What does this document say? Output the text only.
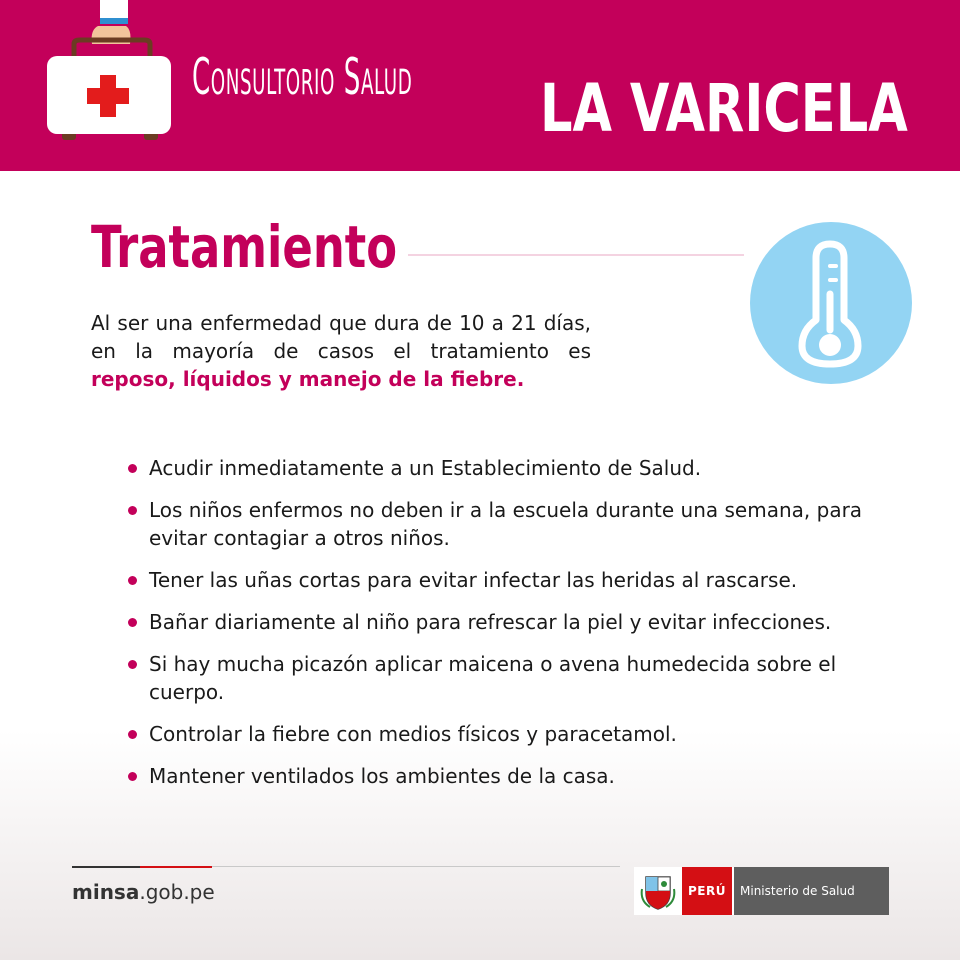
Consultorio Salud LA VARICELA
Tratamiento

Al ser una enfermedad que dura de 10 a 21 días, en la mayoría de casos el tratamiento es reposo, líquidos y manejo de la fiebre.

Acudir inmediatamente a un Establecimiento de Salud.
Los niños enfermos no deben ir a la escuela durante una semana, para evitar contagiar a otros niños.
Tener las uñas cortas para evitar infectar las heridas al rascarse.
Bañar diariamente al niño para refrescar la piel y evitar infecciones.
Si hay mucha picazón aplicar maicena o avena humedecida sobre el cuerpo.
Controlar la fiebre con medios físicos y paracetamol.
Mantener ventilados los ambientes de la casa.
minsa.gob.pe	PERÚ	Ministerio de Salud
